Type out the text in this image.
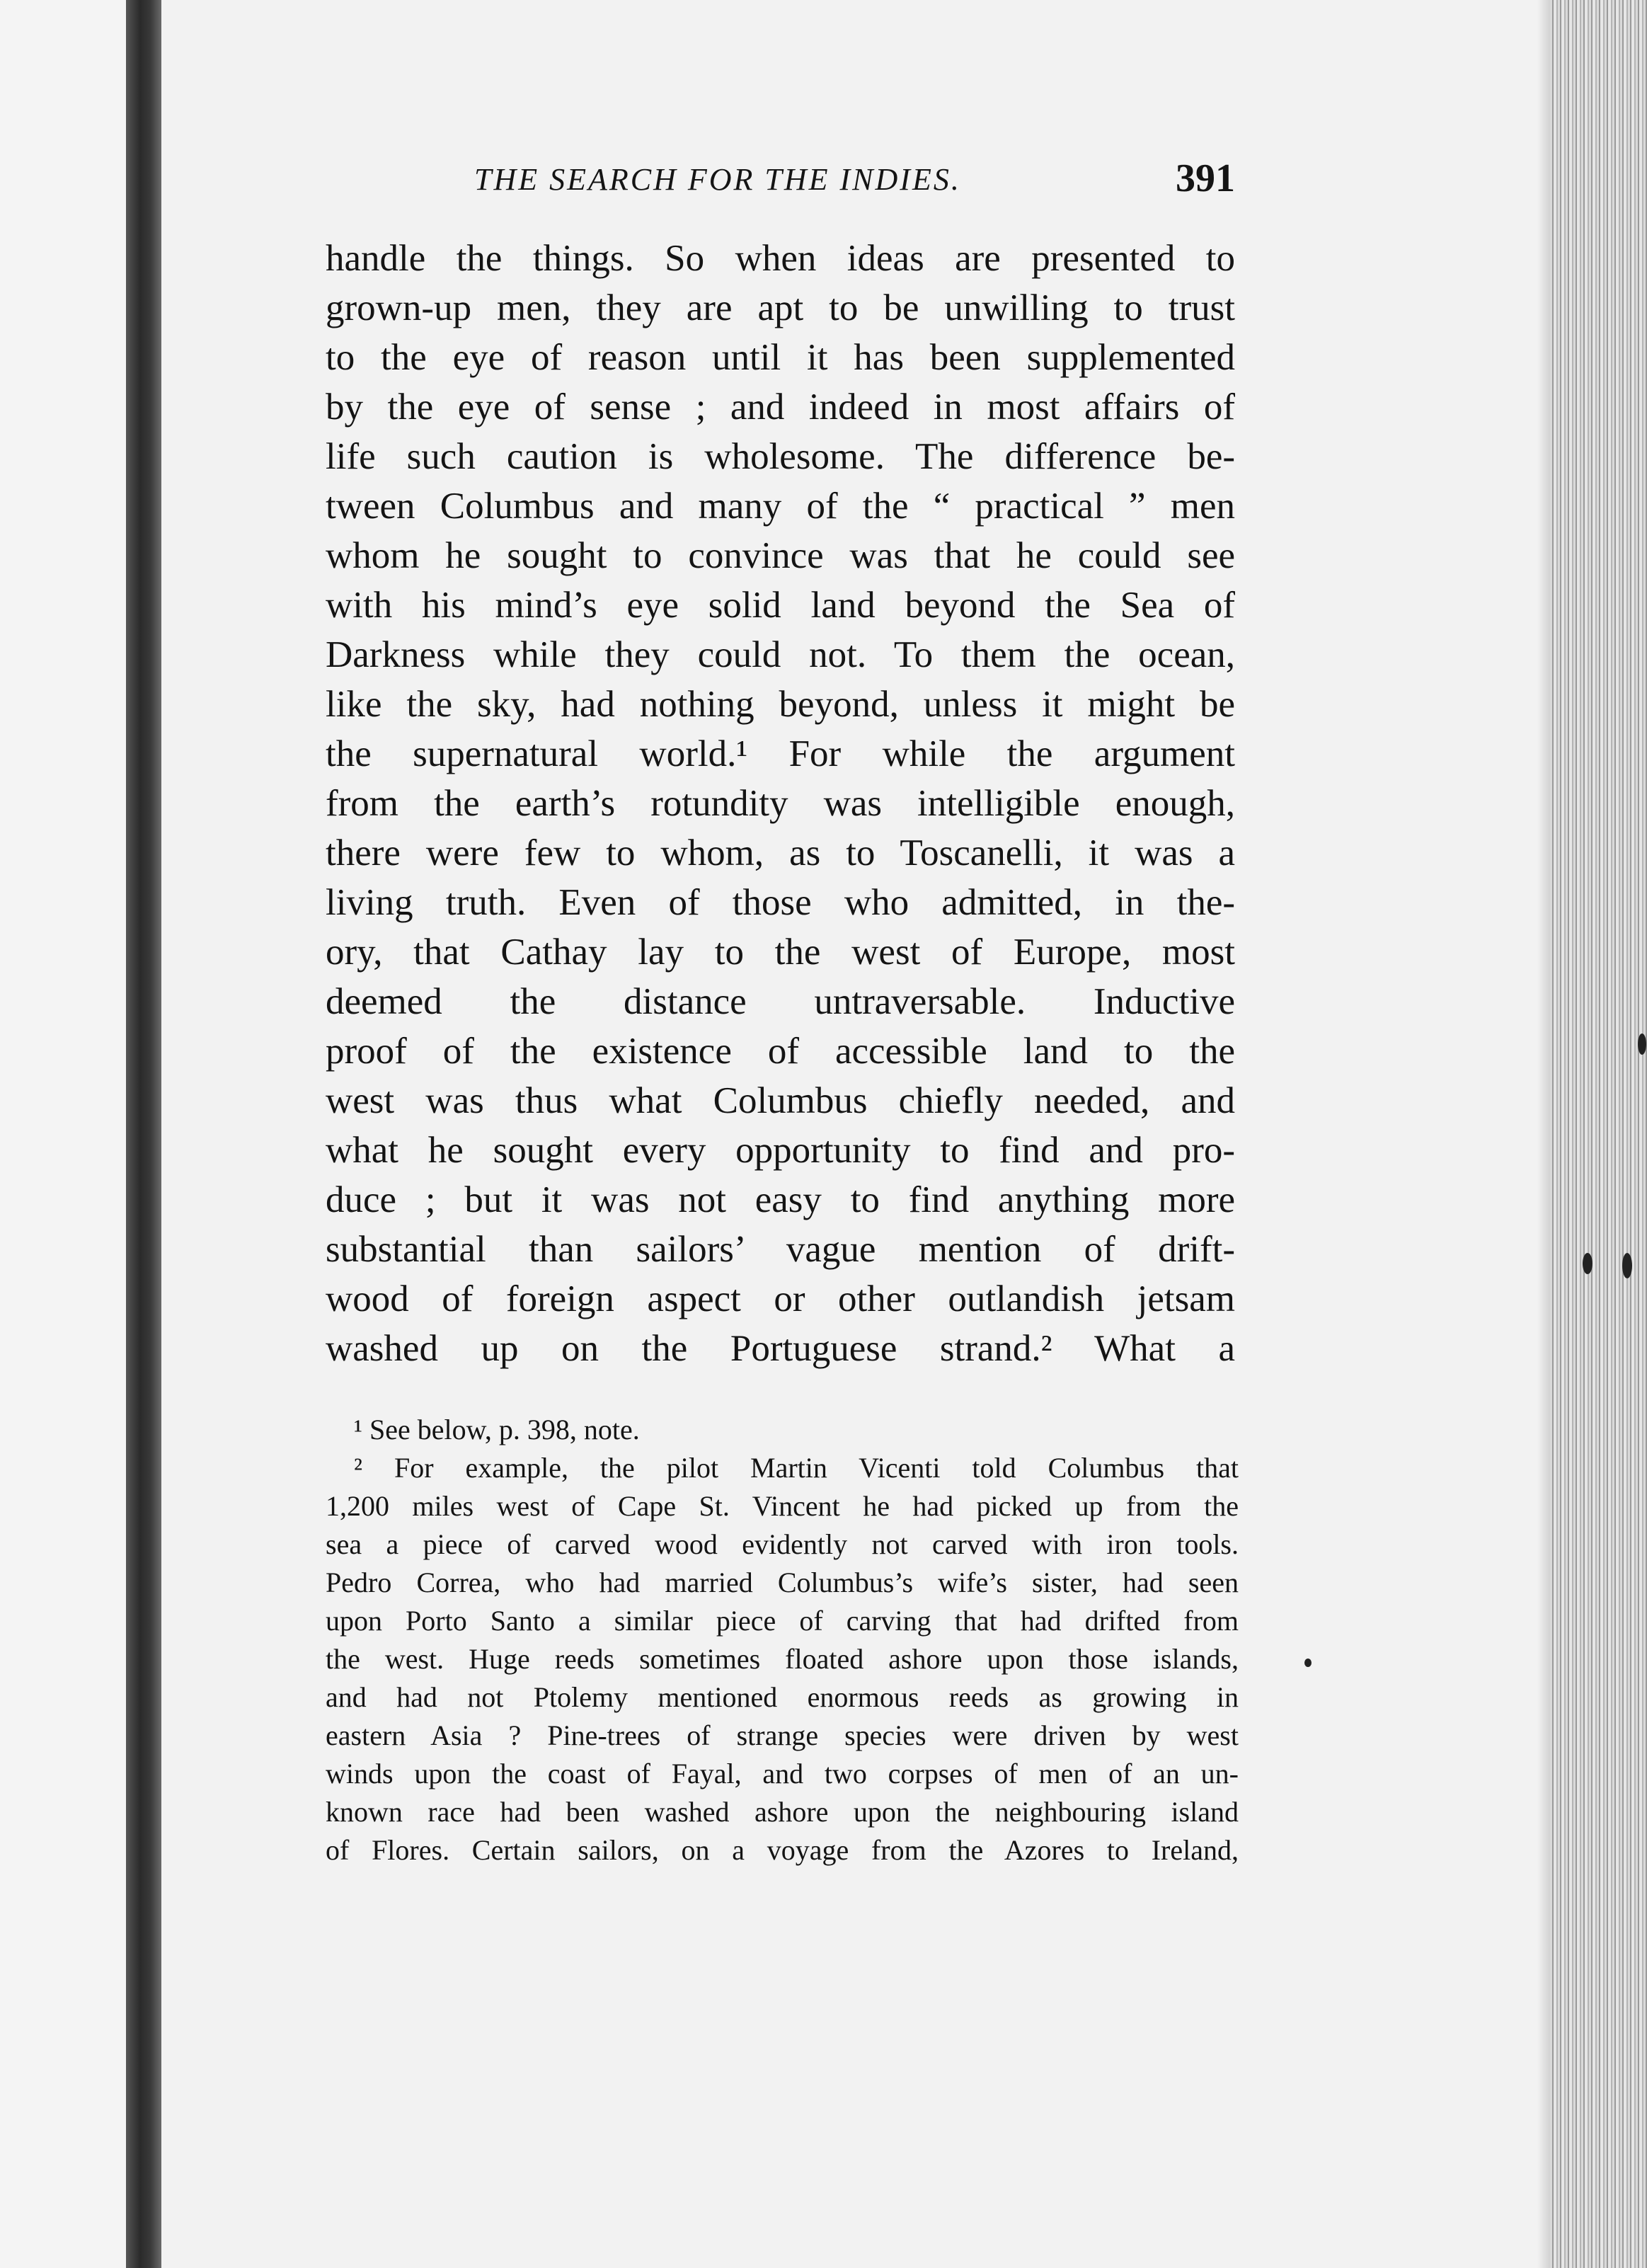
THE SEARCH FOR THE INDIES.	391
handle the things. So when ideas are presented to
grown-up men, they are apt to be unwilling to trust
to the eye of reason until it has been supplemented
by the eye of sense ; and indeed in most affairs of
life such caution is wholesome. The difference be-
tween Columbus and many of the “ practical ” men
whom he sought to convince was that he could see
with his mind’s eye solid land beyond the Sea of
Darkness while they could not. To them the ocean,
like the sky, had nothing beyond, unless it might be
the supernatural world.¹ For while the argument
from the earth’s rotundity was intelligible enough,
there were few to whom, as to Toscanelli, it was a
living truth. Even of those who admitted, in the-
ory, that Cathay lay to the west of Europe, most
deemed the distance untraversable. Inductive
proof of the existence of accessible land to the
west was thus what Columbus chiefly needed, and
what he sought every opportunity to find and pro-
duce ; but it was not easy to find anything more
substantial than sailors’ vague mention of drift-
wood of foreign aspect or other outlandish jetsam
washed up on the Portuguese strand.² What a
¹ See below, p. 398, note.
² For example, the pilot Martin Vicenti told Columbus that
1,200 miles west of Cape St. Vincent he had picked up from the
sea a piece of carved wood evidently not carved with iron tools.
Pedro Correa, who had married Columbus’s wife’s sister, had seen
upon Porto Santo a similar piece of carving that had drifted from
the west. Huge reeds sometimes floated ashore upon those islands,
and had not Ptolemy mentioned enormous reeds as growing in
eastern Asia ? Pine-trees of strange species were driven by west
winds upon the coast of Fayal, and two corpses of men of an un-
known race had been washed ashore upon the neighbouring island
of Flores. Certain sailors, on a voyage from the Azores to Ireland,
